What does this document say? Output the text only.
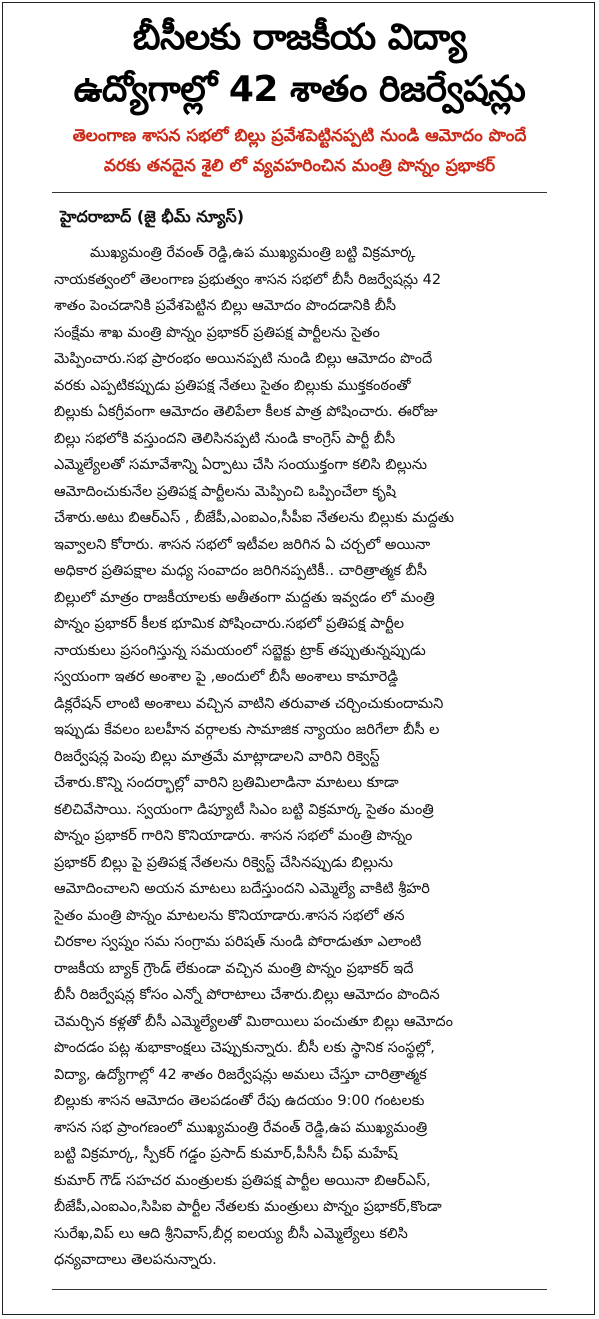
బీసీలకు రాజకీయ విద్యా
ఉద్యోగాల్లో 42 శాతం రిజర్వేషన్లు
తెలంగాణ శాసన సభలో బిల్లు ప్రవేశపెట్టినప్పటి నుండి ఆమోదం పొందే
వరకు తనదైన శైలి లో వ్యవహరించిన మంత్రి పొన్నం ప్రభాకర్
హైదరాబాద్ (జై భీమ్ న్యూస్)
ముఖ్యమంత్రి రేవంత్ రెడ్డి,ఉప ముఖ్యమంత్రి బట్టి విక్రమార్క
నాయకత్వంలో తెలంగాణ ప్రభుత్వం శాసన సభలో బీసీ రిజర్వేషన్లు 42
శాతం పెంచడానికి ప్రవేశపెట్టిన బిల్లు ఆమోదం పొందడానికి బీసీ
సంక్షేమ శాఖ మంత్రి పొన్నం ప్రభాకర్ ప్రతిపక్ష పార్టీలను సైతం
మెప్పించారు.సభ ప్రారంభం అయినప్పటి నుండి బిల్లు ఆమోదం పొందే
వరకు ఎప్పటికప్పుడు ప్రతిపక్ష నేతలు సైతం బిల్లుకు ముక్తకంఠంతో
బిల్లుకు ఏకగ్రీవంగా ఆమోదం తెలిపేలా కీలక పాత్ర పోషించారు. ఈరోజు
బిల్లు సభలోకి వస్తుందని తెలిసినప్పటి నుండి కాంగ్రెస్ పార్టీ బీసీ
ఎమ్మెల్యేలతో సమావేశాన్ని ఏర్పాటు చేసి సంయుక్తంగా కలిసి బిల్లును
ఆమోదించుకునేల ప్రతిపక్ష పార్టీలను మెప్పించి ఒప్పించేలా కృషి
చేశారు.అటు బిఆర్ఎస్ , బీజేపీ,ఎంఐఎం,సీపీఐ నేతలను బిల్లుకు మద్దతు
ఇవ్వాలని కోరారు. శాసన సభలో ఇటీవల జరిగిన ఏ చర్చలో అయినా
అధికార ప్రతిపక్షాల మధ్య సంవాదం జరిగినప్పటికీ.. చారిత్రాత్మక బీసీ
బిల్లులో మాత్రం రాజకీయాలకు అతీతంగా మద్దతు ఇవ్వడం లో మంత్రి
పొన్నం ప్రభాకర్ కీలక భూమిక పోషించారు.సభలో ప్రతిపక్ష పార్టీల
నాయకులు ప్రసంగిస్తున్న సమయంలో సబ్జెక్టు ట్రాక్ తప్పుతున్నప్పుడు
స్వయంగా ఇతర అంశాల పై ,అందులో బీసీ అంశాలు కామారెడ్డి
డిక్లరేషన్ లాంటి అంశాలు వచ్చిన వాటిని తరువాత చర్చించుకుందామని
ఇప్పుడు కేవలం బలహీన వర్గాలకు సామాజిక న్యాయం జరిగేలా బీసీ ల
రిజర్వేషన్ల పెంపు బిల్లు మాత్రమే మాట్లాడాలని వారిని రిక్వెస్ట్
చేశారు.కొన్ని సందర్భాల్లో వారిని బ్రతిమిలాడినా మాటలు కూడా
కలిచివేసాయి. స్వయంగా డిప్యూటీ సిఎం బట్టి విక్రమార్క సైతం మంత్రి
పొన్నం ప్రభాకర్ గారిని కొనియాడారు. శాసన సభలో మంత్రి పొన్నం
ప్రభాకర్ బిల్లు పై ప్రతిపక్ష నేతలను రిక్వెస్ట్ చేసినప్పుడు బిల్లును
ఆమోదించాలని అయన మాటలు బదేస్తుందని ఎమ్మెల్యే వాకిటి శ్రీహరి
సైతం మంత్రి పొన్నం మాటలను కొనియాడారు.శాసన సభలో తన
చిరకాల స్వప్నం సమ సంగ్రామ పరిషత్ నుండి పోరాడుతూ ఎలాంటి
రాజకీయ బ్యాక్ గ్రౌండ్ లేకుండా వచ్చిన మంత్రి పొన్నం ప్రభాకర్ ఇదే
బీసీ రిజర్వేషన్ల కోసం ఎన్నో పోరాటాలు చేశారు.బిల్లు ఆమోదం పొందిన
చెమర్చిన కళ్లతో బీసీ ఎమ్మెల్యేలతో మిఠాయిలు పంచుతూ బిల్లు ఆమోదం
పొందడం పట్ల శుభాకాంక్షలు చెప్పుకున్నారు. బీసీ లకు స్థానిక సంస్థల్లో,
విద్యా, ఉద్యోగాల్లో 42 శాతం రిజర్వేషన్లు అమలు చేస్తూ చారిత్రాత్మక
బిల్లుకు శాసన ఆమోదం తెలపడంతో రేపు ఉదయం 9:00 గంటలకు
శాసన సభ ప్రాంగణంలో ముఖ్యమంత్రి రేవంత్ రెడ్డి,ఉప ముఖ్యమంత్రి
బట్టి విక్రమార్క, స్పీకర్ గడ్డం ప్రసాద్ కుమార్,పీసీసీ చీఫ్ మహేష్
కుమార్ గౌడ్ సహచర మంత్రులకు ప్రతిపక్ష పార్టీల అయినా బిఆర్ఎస్,
బీజేపీ,ఎంఐఎం,సిపిఐ పార్టీల నేతలకు మంత్రులు పొన్నం ప్రభాకర్,కొండా
సురేఖ,విప్ లు ఆది శ్రీనివాస్,బీర్ల ఐలయ్య బీసీ ఎమ్మెల్యేలు కలిసి
ధన్యవాదాలు తెలపనున్నారు.
